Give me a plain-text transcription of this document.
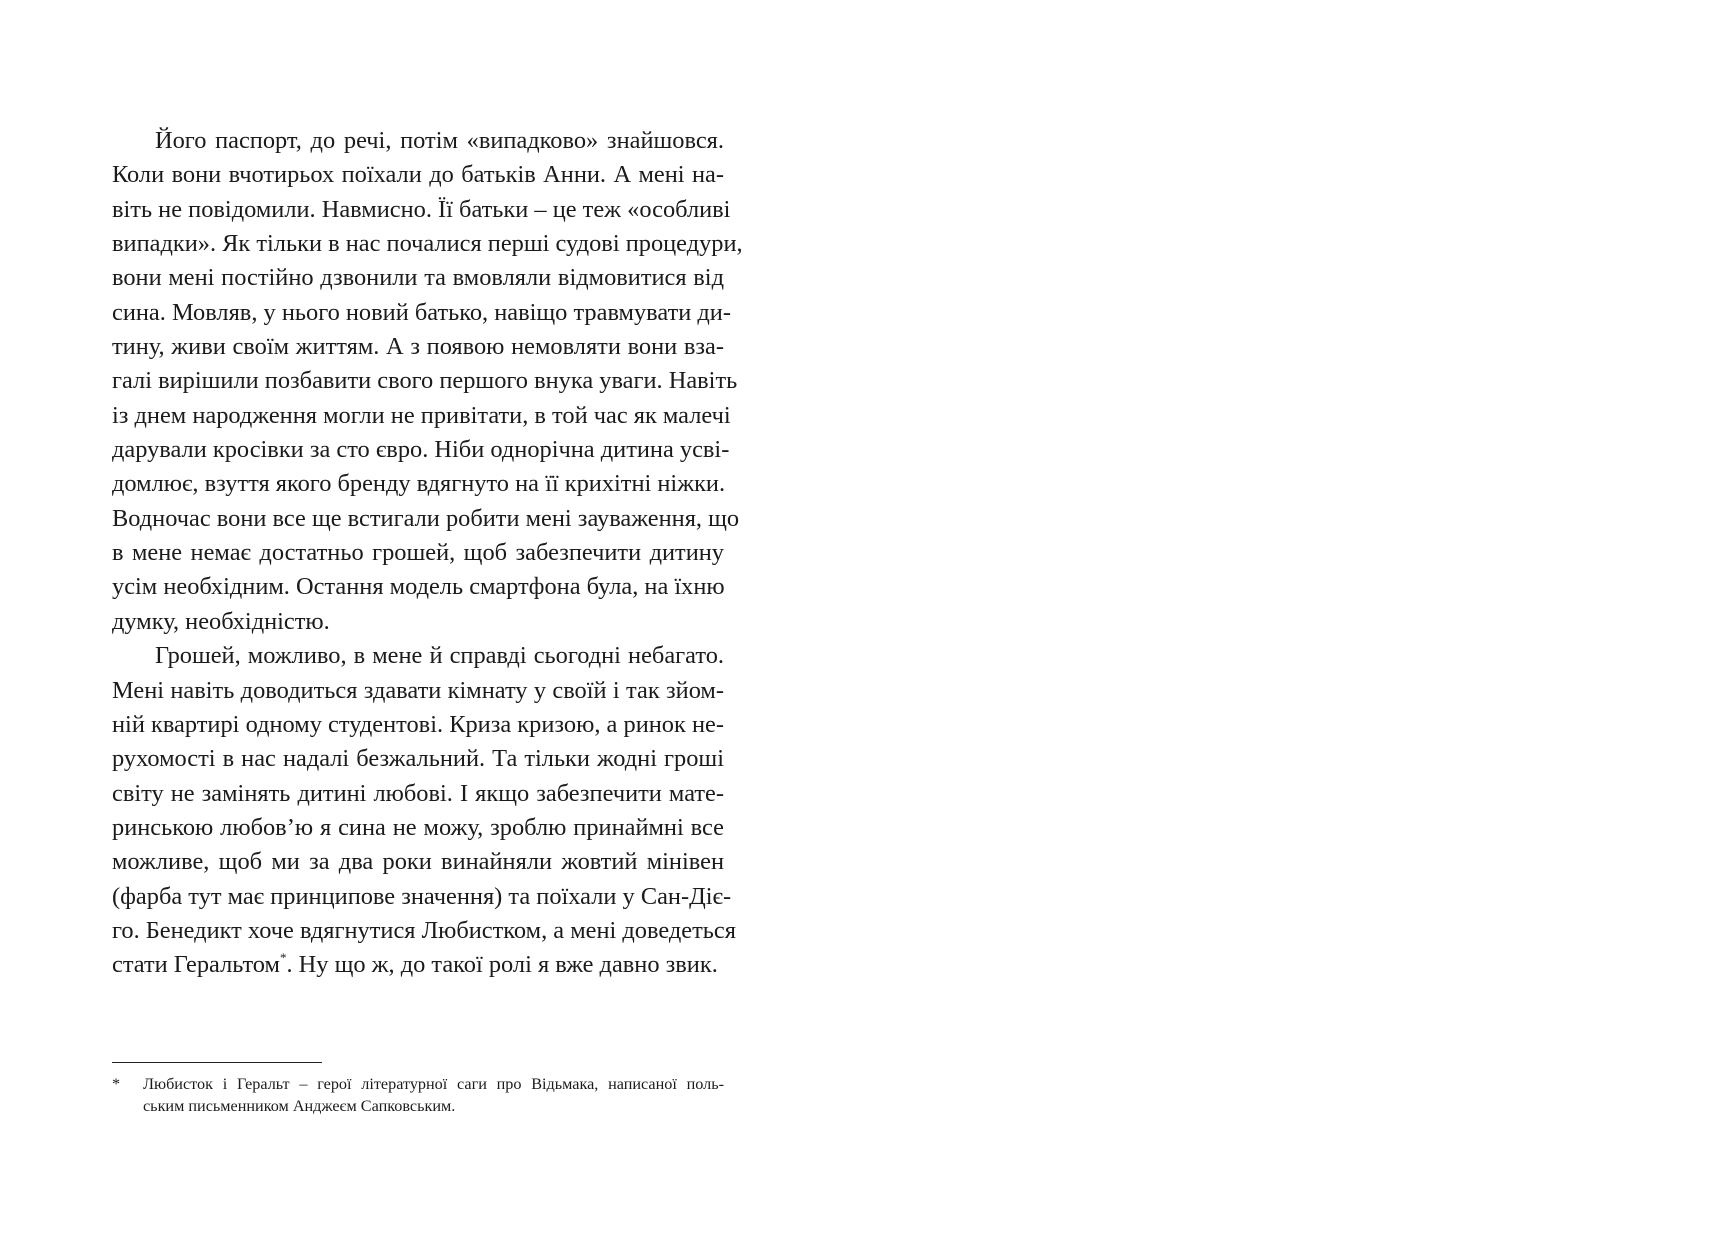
Його паспорт, до речі, потім «випадково» знайшовся.
Коли вони вчотирьох поїхали до батьків Анни. А мені на-
віть не повідомили. Навмисно. Її батьки – це теж «особливі
випадки». Як тільки в нас почалися перші судові процедури,
вони мені постійно дзвонили та вмовляли відмовитися від
сина. Мовляв, у нього новий батько, навіщо травмувати ди-
тину, живи своїм життям. А з появою немовляти вони вза-
галі вирішили позбавити свого першого внука уваги. Навіть
із днем народження могли не привітати, в той час як малечі
дарували кросівки за сто євро. Ніби однорічна дитина усві-
домлює, взуття якого бренду вдягнуто на її крихітні ніжки.
Водночас вони все ще встигали робити мені зауваження, що
в мене немає достатньо грошей, щоб забезпечити дитину
усім необхідним. Остання модель смартфона була, на їхню
думку, необхідністю.

Грошей, можливо, в мене й справді сьогодні небагато.
Мені навіть доводиться здавати кімнату у своїй і так зйом-
ній квартирі одному студентові. Криза кризою, а ринок не-
рухомості в нас надалі безжальний. Та тільки жодні гроші
світу не замінять дитині любові. І якщо забезпечити мате-
ринською любов’ю я сина не можу, зроблю принаймні все
можливе, щоб ми за два роки винайняли жовтий мінівен
(фарба тут має принципове значення) та поїхали у Сан-Діє-
го. Бенедикт хоче вдягнутися Любистком, а мені доведеться
стати Геральтом*. Ну що ж, до такої ролі я вже давно звик.

*	Любисток і Геральт – герої літературної саги про Відьмака, написаної поль-
ським письменником Анджеєм Сапковським.
